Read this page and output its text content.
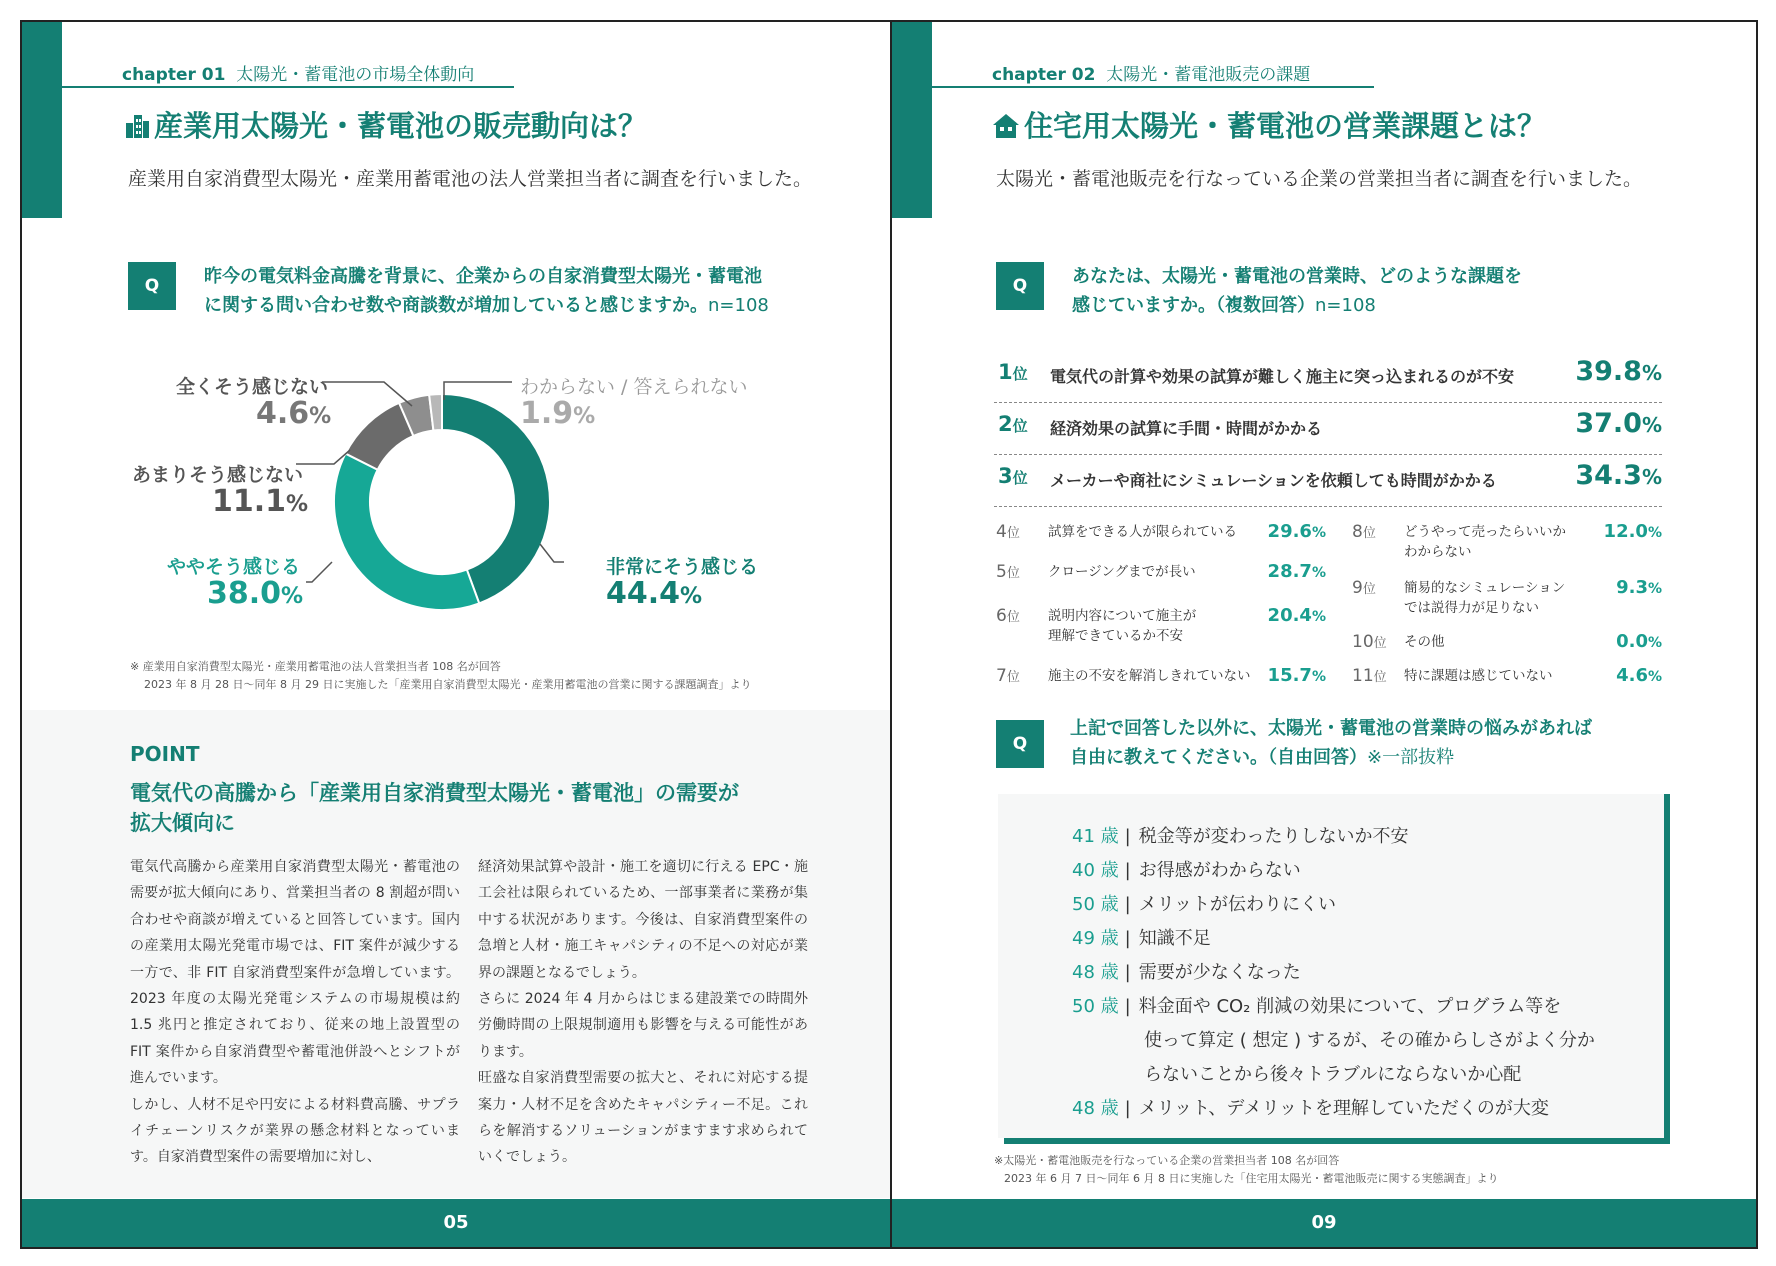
chapter 01 太陽光・蓄電池の市場全体動向
産業用太陽光・蓄電池の販売動向は？
産業用自家消費型太陽光・産業用蓄電池の法人営業担当者に調査を行いました。
Q	昨今の電気料金高騰を背景に、企業からの自家消費型太陽光・蓄電池
に関する問い合わせ数や商談数が増加していると感じますか。n=108
全くそう感じない
4.6%
あまりそう感じない
11.1%
ややそう感じる
38.0%
非常にそう感じる
44.4%
わからない / 答えられない
1.9%
※ 産業用自家消費型太陽光・産業用蓄電池の法人営業担当者 108 名が回答
2023 年 8 月 28 日～同年 8 月 29 日に実施した「産業用自家消費型太陽光・産業用蓄電池の営業に関する課題調査」より
POINT
電気代の高騰から「産業用自家消費型太陽光・蓄電池」の需要が
拡大傾向に

電気代高騰から産業用自家消費型太陽光・蓄電池の需要が拡大傾向にあり、営業担当者の 8 割超が問い合わせや商談が増えていると回答しています。国内の産業用太陽光発電市場では、FIT 案件が減少する一方で、非 FIT 自家消費型案件が急増しています。2023 年度の太陽光発電システムの市場規模は約 1.5 兆円と推定されており、従来の地上設置型の FIT 案件から自家消費型や蓄電池併設へとシフトが進んでいます。

しかし、人材不足や円安による材料費高騰、サプライチェーンリスクが業界の懸念材料となっています。自家消費型案件の需要増加に対し、

経済効果試算や設計・施工を適切に行える EPC・施工会社は限られているため、一部事業者に業務が集中する状況があります。今後は、自家消費型案件の急増と人材・施工キャパシティの不足への対応が業界の課題となるでしょう。

さらに 2024 年 4 月からはじまる建設業での時間外労働時間の上限規制適用も影響を与える可能性があります。

旺盛な自家消費型需要の拡大と、それに対応する提案力・人材不足を含めたキャパシティー不足。これらを解消するソリューションがますます求められていくでしょう。

05
chapter 02 太陽光・蓄電池販売の課題
住宅用太陽光・蓄電池の営業課題とは？
太陽光・蓄電池販売を行なっている企業の営業担当者に調査を行いました。
Q	あなたは、太陽光・蓄電池の営業時、どのような課題を
感じていますか。（複数回答）n=108
1位 電気代の計算や効果の試算が難しく施主に突っ込まれるのが不安 39.8%
2位 経済効果の試算に手間・時間がかかる	37.0%
3位 メーカーや商社にシミュレーションを依頼しても時間がかかる	34.3%
4位 試算をできる人が限られている 29.6%
5位 クロージングまでが長い	28.7%
6位 説明内容について施主が
理解できているか不安
20.4%
7位 施主の不安を解消しきれていない 15.7%
8位 どうやって売ったらいいか
わからない
12.0%
9位 簡易的なシミュレーション
では説得力が足りない
9.3%
10位 その他	0.0%
11位 特に課題は感じていない	4.6%
Q
上記で回答した以外に、太陽光・蓄電池の営業時の悩みがあれば
自由に教えてください。（自由回答）※一部抜粋
41 歳 | 税金等が変わったりしないか不安
40 歳 | お得感がわからない
50 歳 | メリットが伝わりにくい
49 歳 | 知識不足
48 歳 | 需要が少なくなった
50 歳 | 料金面や CO₂ 削減の効果について、プログラム等を
使って算定 ( 想定 ) するが、その確からしさがよく分か
らないことから後々トラブルにならないか心配
48 歳 | メリット、デメリットを理解していただくのが大変
※太陽光・蓄電池販売を行なっている企業の営業担当者 108 名が回答
2023 年 6 月 7 日～同年 6 月 8 日に実施した「住宅用太陽光・蓄電池販売に関する実態調査」より
09
